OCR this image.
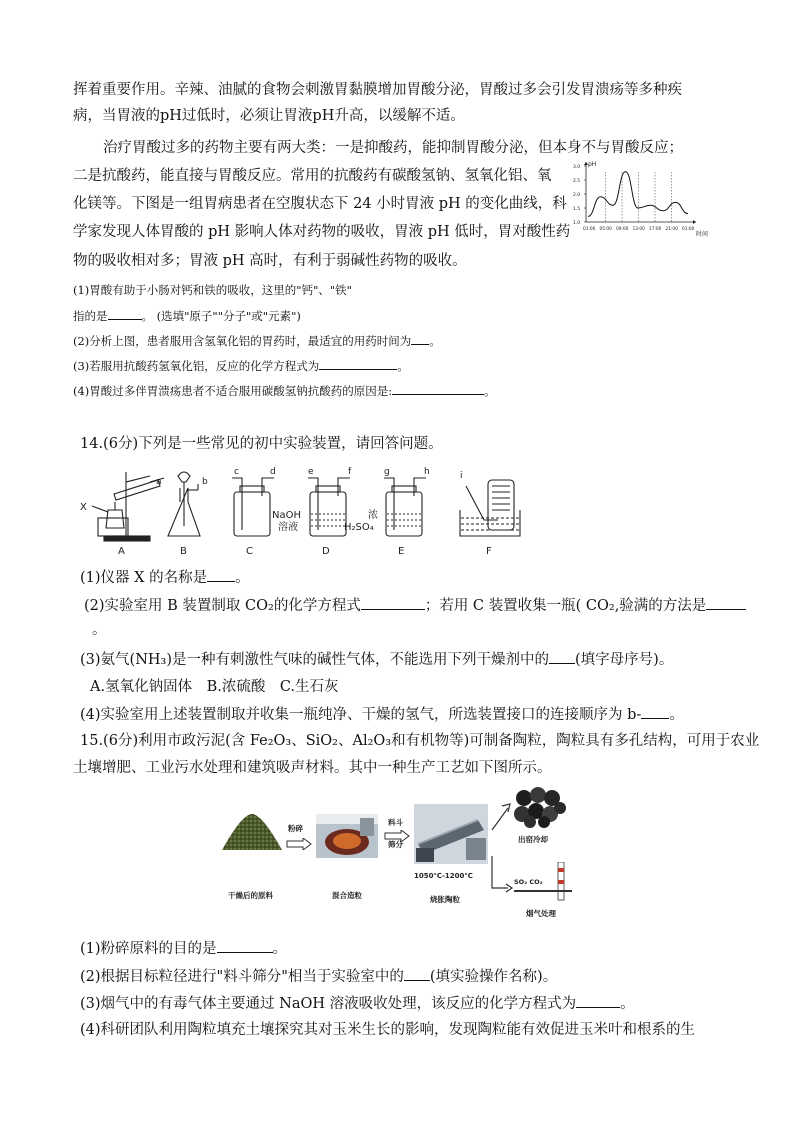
挥着重要作用。辛辣、油腻的食物会刺激胃黏膜增加胃酸分泌，胃酸过多会引发胃溃疡等多种疾
病，当胃液的pH过低时，必须让胃液pH升高，以缓解不适。
治疗胃酸过多的药物主要有两大类：一是抑酸药，能抑制胃酸分泌，但本身不与胃酸反应；
二是抗酸药，能直接与胃酸反应。常用的抗酸药有碳酸氢钠、氢氧化铝、氧
化镁等。下图是一组胃病患者在空腹状态下 24 小时胃液 pH 的变化曲线，科
学家发现人体胃酸的 pH 影响人体对药物的吸收，胃液 pH 低时，胃对酸性药
物的吸收相对多；胃液 pH 高时，有利于弱碱性药物的吸收。
pH
时间
1.0
1.5
2.0
2.5
3.0
01:00 05:00 09:00 13:00 17:00 21:00 01:00
(1)胃酸有助于小肠对钙和铁的吸收，这里的"钙"、"铁"
指的是	。 (选填"原子""分子"或"元素")
(2)分析上图，患者服用含氢氧化铝的胃药时，最适宜的用药时间为 。
(3)若服用抗酸药氢氧化铝，反应的化学方程式为	。
(4)胃酸过多伴胃溃疡患者不适合服用碳酸氢钠抗酸药的原因是:	。
14.(6分)下列是一些常见的初中实验装置，请回答问题。
X
a
A
b
B
c	d
C
e	f
NaOH
溶液
D
g	h
浓
H₂SO₄
E
i
F
(1)仪器 X 的名称是 。
(2)实验室用 B 装置制取 CO₂的化学方程式	；若用 C 装置收集一瓶( CO₂,验满的方法是
。
(3)氨气(NH₃)是一种有刺激性气味的碱性气体，不能选用下列干燥剂中的 (填字母序号)。
A.氢氧化钠固体　B.浓硫酸　C.生石灰
(4)实验室用上述装置制取并收集一瓶纯净、干燥的氢气，所选装置接口的连接顺序为 b- 。
15.(6分)利用市政污泥(含 Fe₂O₃、SiO₂、Al₂O₃和有机物等)可制备陶粒，陶粒具有多孔结构，可用于农业
土壤增肥、工业污水处理和建筑吸声材料。其中一种生产工艺如下图所示。
干燥后的原料
粉碎
混合造粒
料斗
筛分
1050℃-1200℃
烧胀陶粒
出窑冷却
SO₂ CO₂
烟气处理
(1)粉碎原料的目的是	。
(2)根据目标粒径进行"料斗筛分"相当于实验室中的 (填实验操作名称)。
(3)烟气中的有毒气体主要通过 NaOH 溶液吸收处理，该反应的化学方程式为	。
(4)科研团队利用陶粒填充土壤探究其对玉米生长的影响，发现陶粒能有效促进玉米叶和根系的生
